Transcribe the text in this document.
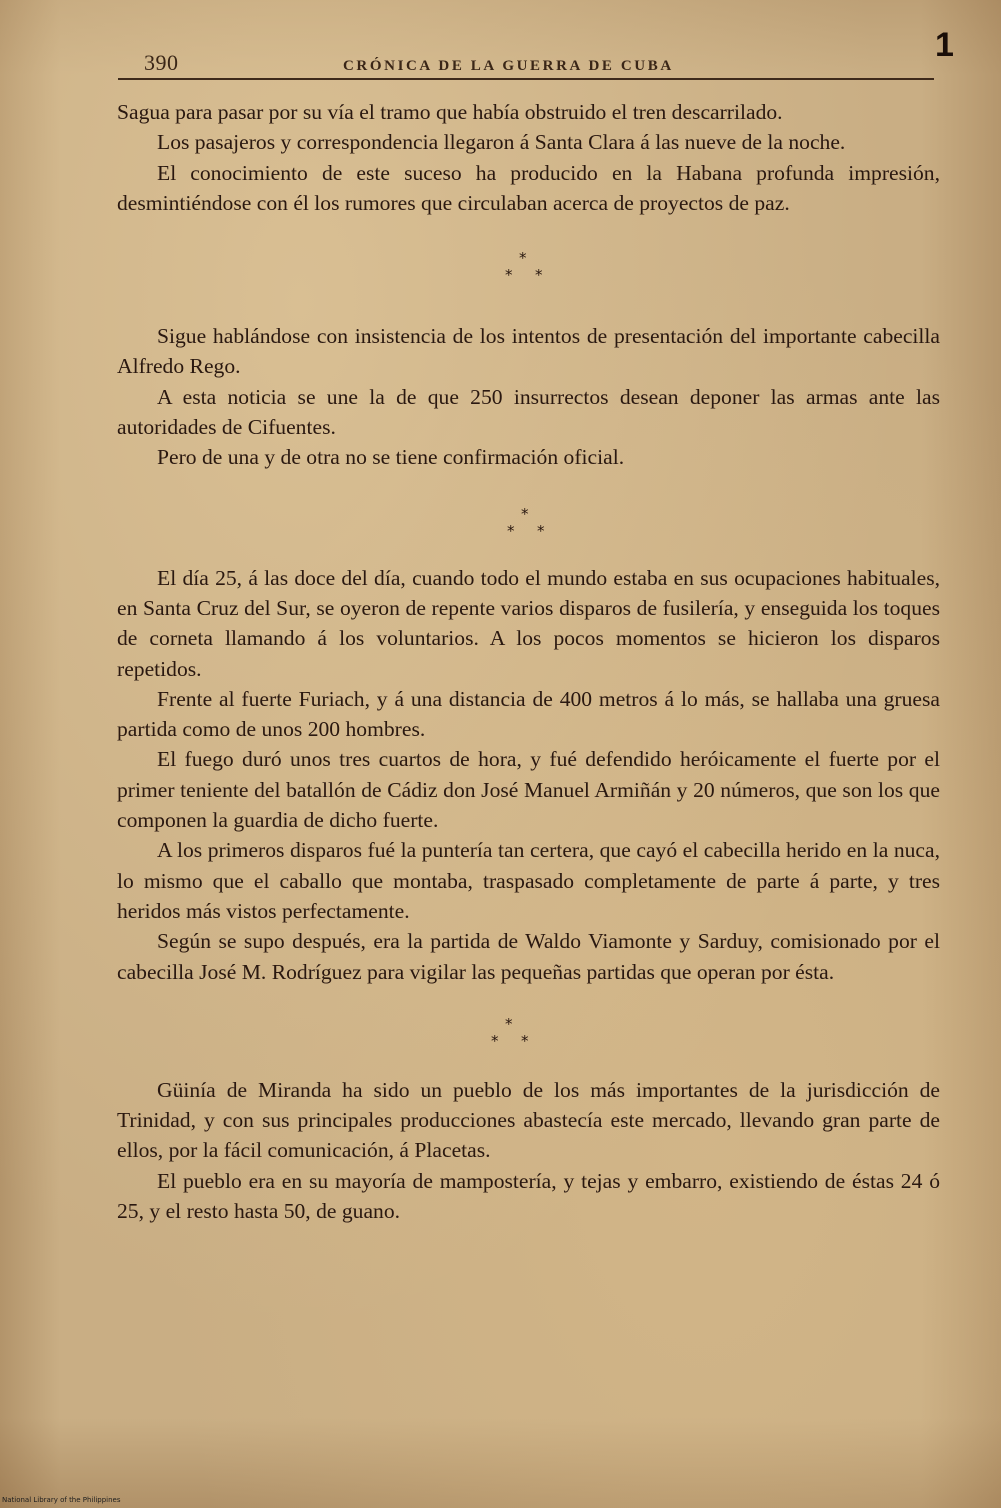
390	CRÓNICA DE LA GUERRA DE CUBA
1

Sagua para pasar por su vía el tramo que había obstruido el tren descarrilado.

Los pasajeros y correspondencia llegaron á Santa Clara á las nueve de la noche.

El conocimiento de este suceso ha producido en la Habana profunda impresión, desmintiéndose con él los rumores que circulaban acerca de proyectos de paz.

*
* *

Sigue hablándose con insistencia de los intentos de presentación del importante cabecilla Alfredo Rego.

A esta noticia se une la de que 250 insurrectos desean deponer las armas ante las autoridades de Cifuentes.

Pero de una y de otra no se tiene confirmación oficial.

*
* *

El día 25, á las doce del día, cuando todo el mundo estaba en sus ocupaciones habituales, en Santa Cruz del Sur, se oyeron de repente varios disparos de fusilería, y enseguida los toques de corneta llamando á los voluntarios. A los pocos momentos se hicieron los disparos repetidos.

Frente al fuerte Furiach, y á una distancia de 400 metros á lo más, se hallaba una gruesa partida como de unos 200 hombres.

El fuego duró unos tres cuartos de hora, y fué defendido heróicamente el fuerte por el primer teniente del batallón de Cádiz don José Manuel Armiñán y 20 números, que son los que componen la guardia de dicho fuerte.

A los primeros disparos fué la puntería tan certera, que cayó el cabecilla herido en la nuca, lo mismo que el caballo que montaba, traspasado completamente de parte á parte, y tres heridos más vistos perfectamente.

Según se supo después, era la partida de Waldo Viamonte y Sarduy, comisionado por el cabecilla José M. Rodríguez para vigilar las pequeñas partidas que operan por ésta.

*
* *

Güinía de Miranda ha sido un pueblo de los más importantes de la jurisdicción de Trinidad, y con sus principales producciones abastecía este mercado, llevando gran parte de ellos, por la fácil comunicación, á Placetas.

El pueblo era en su mayoría de mampostería, y tejas y embarro, existiendo de éstas 24 ó 25, y el resto hasta 50, de guano.

National Library of the Philippines
